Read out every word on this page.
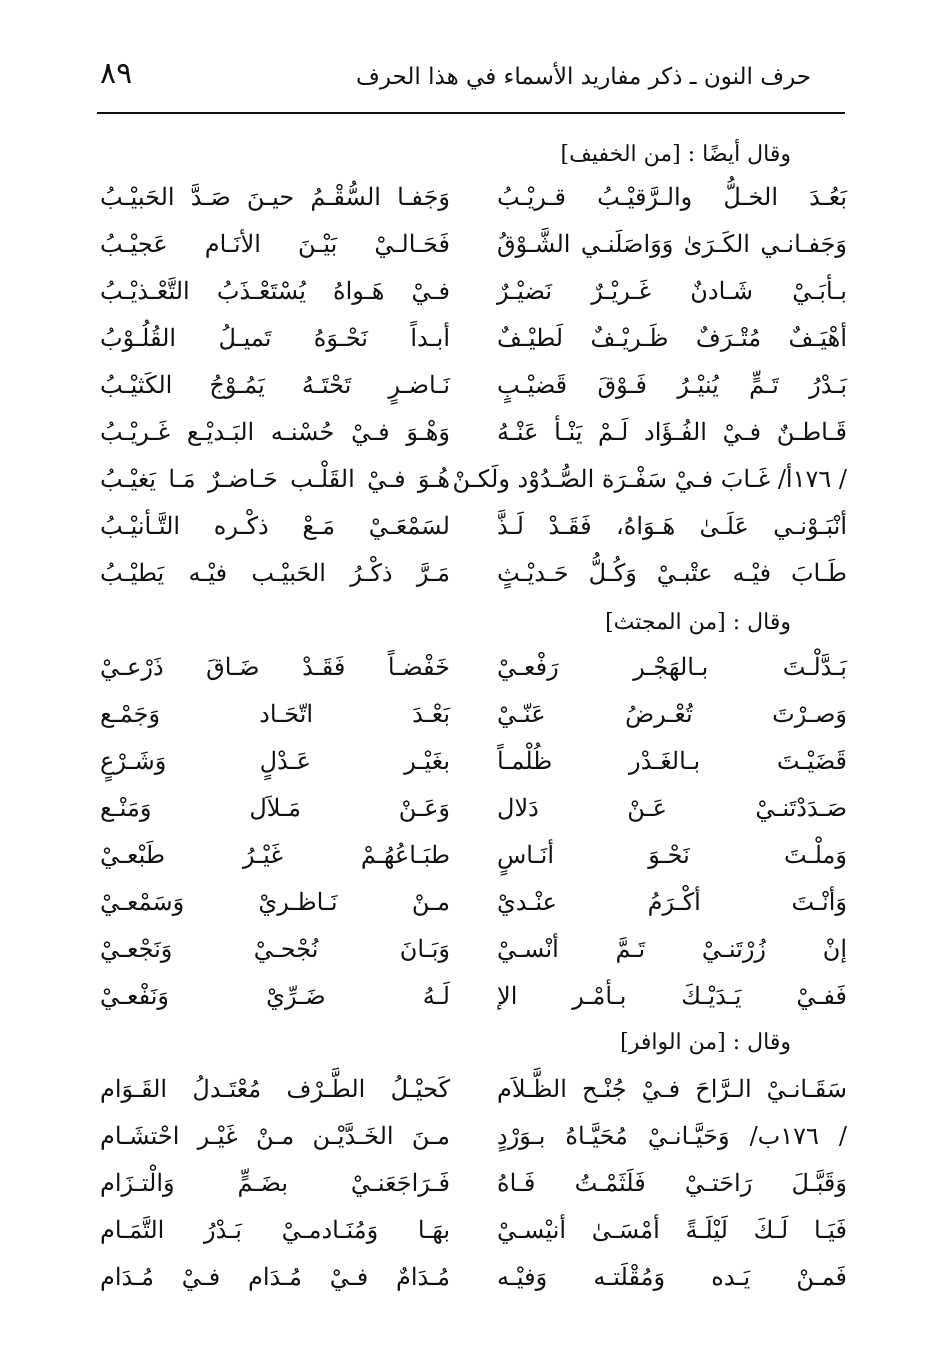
٨٩	حرف النون ـ ذكر مفاريد الأسماء في هذا الحرف
وقال أيضًا : [من الخفيف]
بَعُـدَ الخـلُّ والـرَّقيْـبُ قـريْـبُ
وَجَفـا السُّقْـمُ حيـنَ صَـدَّ الحَبيْـبُ
وَجَفـانـي الكَـرَىٰ وَوَاصَلَنـي الشَّـوْقُ
فَحَـالـيْ بَيْـنَ الأنَـام عَجيْـبُ
بـأبَـيْ شَـادنٌ غَـريْـرٌ نَضيْـرٌ
فـيْ هَـواهُ يُسْتَعْـذَبُ التَّعْـذيْـبُ
أهْيَـفٌ مُتْـرَفٌ ظَـريْـفٌ لَطيْـفٌ
أبـداً نَحْـوَهُ تَميـلُ القُلُـوْبُ
بَـدْرُ تَـمٍّ يُنيْـرُ فَـوْقَ قَضيْـبٍ
نَـاضـرٍ تَحْتَـهُ يَمُـوْجُ الكَثيْـبُ
قَـاطـنٌ فـيْ الفُـؤَاد لَـمْ يَنْـأ عَنْـهُ
وَهْـوَ فـيْ حُسْنـه البَـديْـع غَـريْـبُ
/ ١٧٦أ/ غَـابَ فـيْ سَفْـرَة الصُّـدُوْد ولَكـنْ
هُـوَ فـيْ القَلْـب حَـاضـرٌ مَـا يَغيْـبُ
أنْبَـوْنـي عَلَـىٰ هَـوَاهُ، فَقَـدْ لَـذَّ
لسَمْعَـيْ مَـعْ ذكْـره التَّـأنيْـبُ
طَـابَ فيْـه عتْبـيْ وَكُـلُّ حَـديْـثٍ
مَـرَّ ذكْـرُ الحَبيْـب فيْـه يَطيْـبُ
وقال : [من المجتث]
بَـدَّلْـتَ بـالهَجْـر رَفْعـيْ
خَفْضـاً فَقَـدْ ضَـاقَ ذَرْعـيْ
وَصـرْتَ تُعْـرضُ عَنّـيْ
بَعْـدَ اتّحَـاد وَجَمْـع
قَضَيْـتَ بـالغَـدْر ظُلْمـاً
بغَيْـر عَـدْلٍ وَشَـرْعٍ
صَـدَدْتَنـيْ عَـنْ دَلال
وَعَـنْ مَـلاَل وَمَنْـع
وَملْـتَ نَحْـوَ أنَـاسٍ
طبَـاعُهُـمْ غَيْـرُ طَبْعـيْ
وَأنْـتَ أكْـرَمُ عنْـديْ
مـنْ نَـاظـريْ وَسَمْعـيْ
إنْ زُرْتَنـيْ تَـمَّ أنْسـيْ
وَبَـانَ نُجْحـيْ وَنَجْعـيْ
فَفـيْ يَـدَيْـكَ بـأمْـر الإ
لَـهُ ضَـرِّيْ وَنَفْعـيْ
وقال : [من الوافر]
سَقَـانـيْ الـرَّاحَ فـيْ جُنْـح الظَّـلاَم
كَحيْـلُ الطَّـرْف مُعْتَـدلُ القَـوَام
/ ١٧٦ب/ وَحَيَّـانـيْ مُحَيَّـاهُ بـوَرْدٍ
مـنَ الخَـدَّيْـن مـنْ غَيْـر احْتشَـام
وَقَبَّـلَ رَاحَتـيْ فَلَثَمْـتُ فَـاهُ
فَـرَاجَعَنـيْ بضَـمٍّ وَالْتـزَام
فَيَـا لَـكَ لَيْلَـةً أمْسَـىٰ أنيْسـيْ
بهَـا وَمُنَـادمـيْ بَـدْرُ التَّمَـام
فَمـنْ يَـده وَمُقْلَتـه وَفيْـه
مُـدَامٌ فـيْ مُـدَام فـيْ مُـدَام
